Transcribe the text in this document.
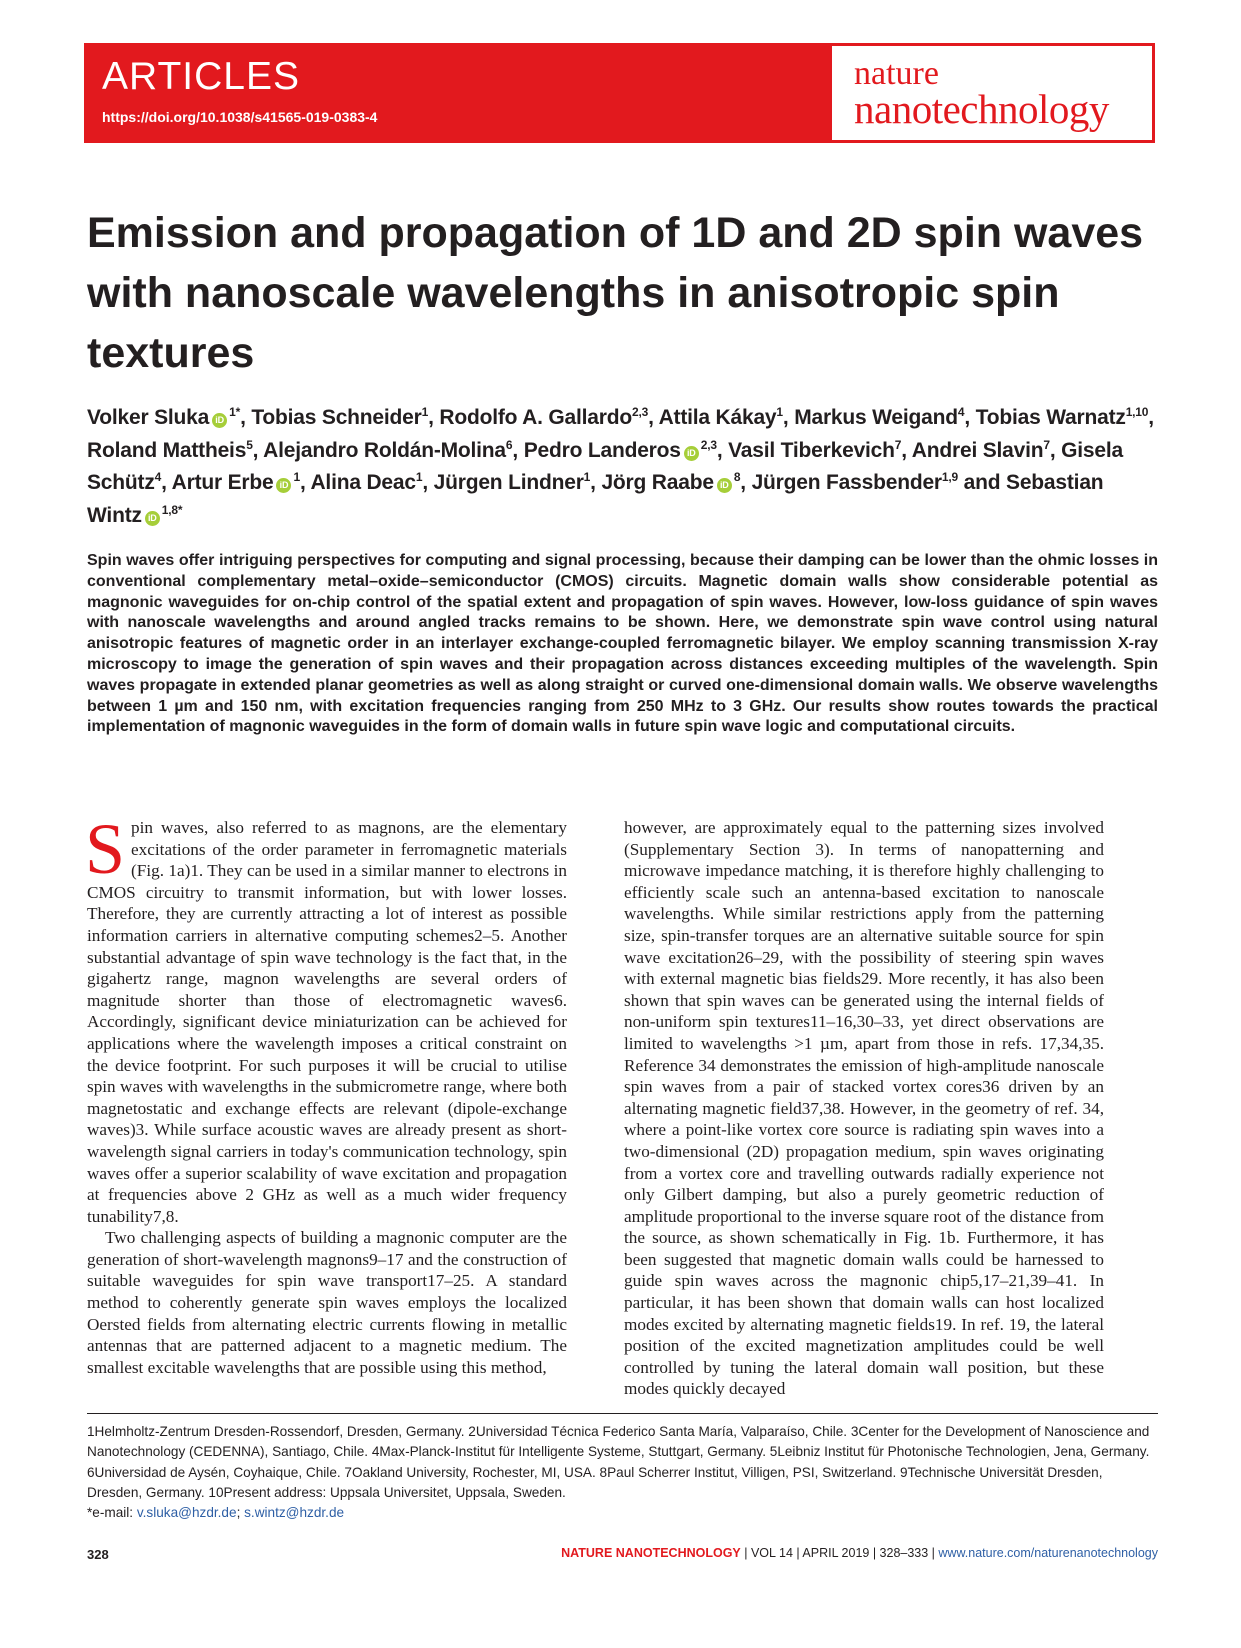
ARTICLES
https://doi.org/10.1038/s41565-019-0383-4
nature
nanotechnology
Emission and propagation of 1D and 2D spin waves with nanoscale wavelengths in anisotropic spin textures
Volker Sluka $iD^{1*}$, Tobias Schneider$^1$, Rodolfo A. Gallardo$^{2,3}$, Attila Kákay$^1$, Markus Weigand$^4$, Tobias Warnatz$^{1,10}$, Roland Mattheis$^5$, Alejandro Roldán-Molina$^6$, Pedro Landeros iD$^{2,3}$, Vasil Tiberkevich$^7$, Andrei Slavin$^7$, Gisela Schütz$^4$, Artur Erbe $iD^1$, Alina Deac$^1$, Jürgen Lindner$^1$, Jörg Raabe $iD^8$, Jürgen Fassbender$^{1,9}$ and Sebastian Wintz $iD^{1,8*}$

Spin waves offer intriguing perspectives for computing and signal processing, because their damping can be lower than the ohmic losses in conventional complementary metal–oxide–semiconductor (CMOS) circuits. Magnetic domain walls show considerable potential as magnonic waveguides for on-chip control of the spatial extent and propagation of spin waves. However, low-loss guidance of spin waves with nanoscale wavelengths and around angled tracks remains to be shown. Here, we demonstrate spin wave control using natural anisotropic features of magnetic order in an interlayer exchange-coupled ferromagnetic bilayer. We employ scanning transmission X-ray microscopy to image the generation of spin waves and their propagation across distances exceeding multiples of the wavelength. Spin waves propagate in extended planar geometries as well as along straight or curved one-dimensional domain walls. We observe wavelengths between 1 µm and 150 nm, with excitation frequencies ranging from 250 MHz to 3 GHz. Our results show routes towards the practical implementation of magnonic waveguides in the form of domain walls in future spin wave logic and computational circuits.

Spin waves, also referred to as magnons, are the elementary excitations of the order parameter in ferromagnetic materials (Fig. 1a)1. They can be used in a similar manner to electrons in CMOS circuitry to transmit information, but with lower losses. Therefore, they are currently attracting a lot of interest as possible information carriers in alternative computing schemes2–5. Another substantial advantage of spin wave technology is the fact that, in the gigahertz range, magnon wavelengths are several orders of magnitude shorter than those of electromagnetic waves6. Accordingly, significant device miniaturization can be achieved for applications where the wavelength imposes a critical constraint on the device footprint. For such purposes it will be crucial to utilise spin waves with wavelengths in the submicrometre range, where both magnetostatic and exchange effects are relevant (dipole-exchange waves)3. While surface acoustic waves are already present as short-wavelength signal carriers in today's communication technology, spin waves offer a superior scalability of wave excitation and propagation at frequencies above 2 GHz as well as a much wider frequency tunability7,8.

Two challenging aspects of building a magnonic computer are the generation of short-wavelength magnons9–17 and the construction of suitable waveguides for spin wave transport17–25. A standard method to coherently generate spin waves employs the localized Oersted fields from alternating electric currents flowing in metallic antennas that are patterned adjacent to a magnetic medium. The smallest excitable wavelengths that are possible using this method,

however, are approximately equal to the patterning sizes involved (Supplementary Section 3). In terms of nanopatterning and microwave impedance matching, it is therefore highly challenging to efficiently scale such an antenna-based excitation to nanoscale wavelengths. While similar restrictions apply from the patterning size, spin-transfer torques are an alternative suitable source for spin wave excitation26–29, with the possibility of steering spin waves with external magnetic bias fields29. More recently, it has also been shown that spin waves can be generated using the internal fields of non-uniform spin textures11–16,30–33, yet direct observations are limited to wavelengths >1 µm, apart from those in refs. 17,34,35. Reference 34 demonstrates the emission of high-amplitude nanoscale spin waves from a pair of stacked vortex cores36 driven by an alternating magnetic field37,38. However, in the geometry of ref. 34, where a point-like vortex core source is radiating spin waves into a two-dimensional (2D) propagation medium, spin waves originating from a vortex core and travelling outwards radially experience not only Gilbert damping, but also a purely geometric reduction of amplitude proportional to the inverse square root of the distance from the source, as shown schematically in Fig. 1b. Furthermore, it has been suggested that magnetic domain walls could be harnessed to guide spin waves across the magnonic chip5,17–21,39–41. In particular, it has been shown that domain walls can host localized modes excited by alternating magnetic fields19. In ref. 19, the lateral position of the excited magnetization amplitudes could be well controlled by tuning the lateral domain wall position, but these modes quickly decayed

1Helmholtz-Zentrum Dresden-Rossendorf, Dresden, Germany. 2Universidad Técnica Federico Santa María, Valparaíso, Chile. 3Center for the Development of Nanoscience and Nanotechnology (CEDENNA), Santiago, Chile. 4Max-Planck-Institut für Intelligente Systeme, Stuttgart, Germany. 5Leibniz Institut für Photonische Technologien, Jena, Germany. 6Universidad de Aysén, Coyhaique, Chile. 7Oakland University, Rochester, MI, USA. 8Paul Scherrer Institut, Villigen, PSI, Switzerland. 9Technische Universität Dresden, Dresden, Germany. 10Present address: Uppsala Universitet, Uppsala, Sweden.

*e-mail: v.sluka@hzdr.de; s.wintz@hzdr.de

328	NATURE NANOTECHNOLOGY | VOL 14 | APRIL 2019 | 328–333 | www.nature.com/naturenanotechnology
